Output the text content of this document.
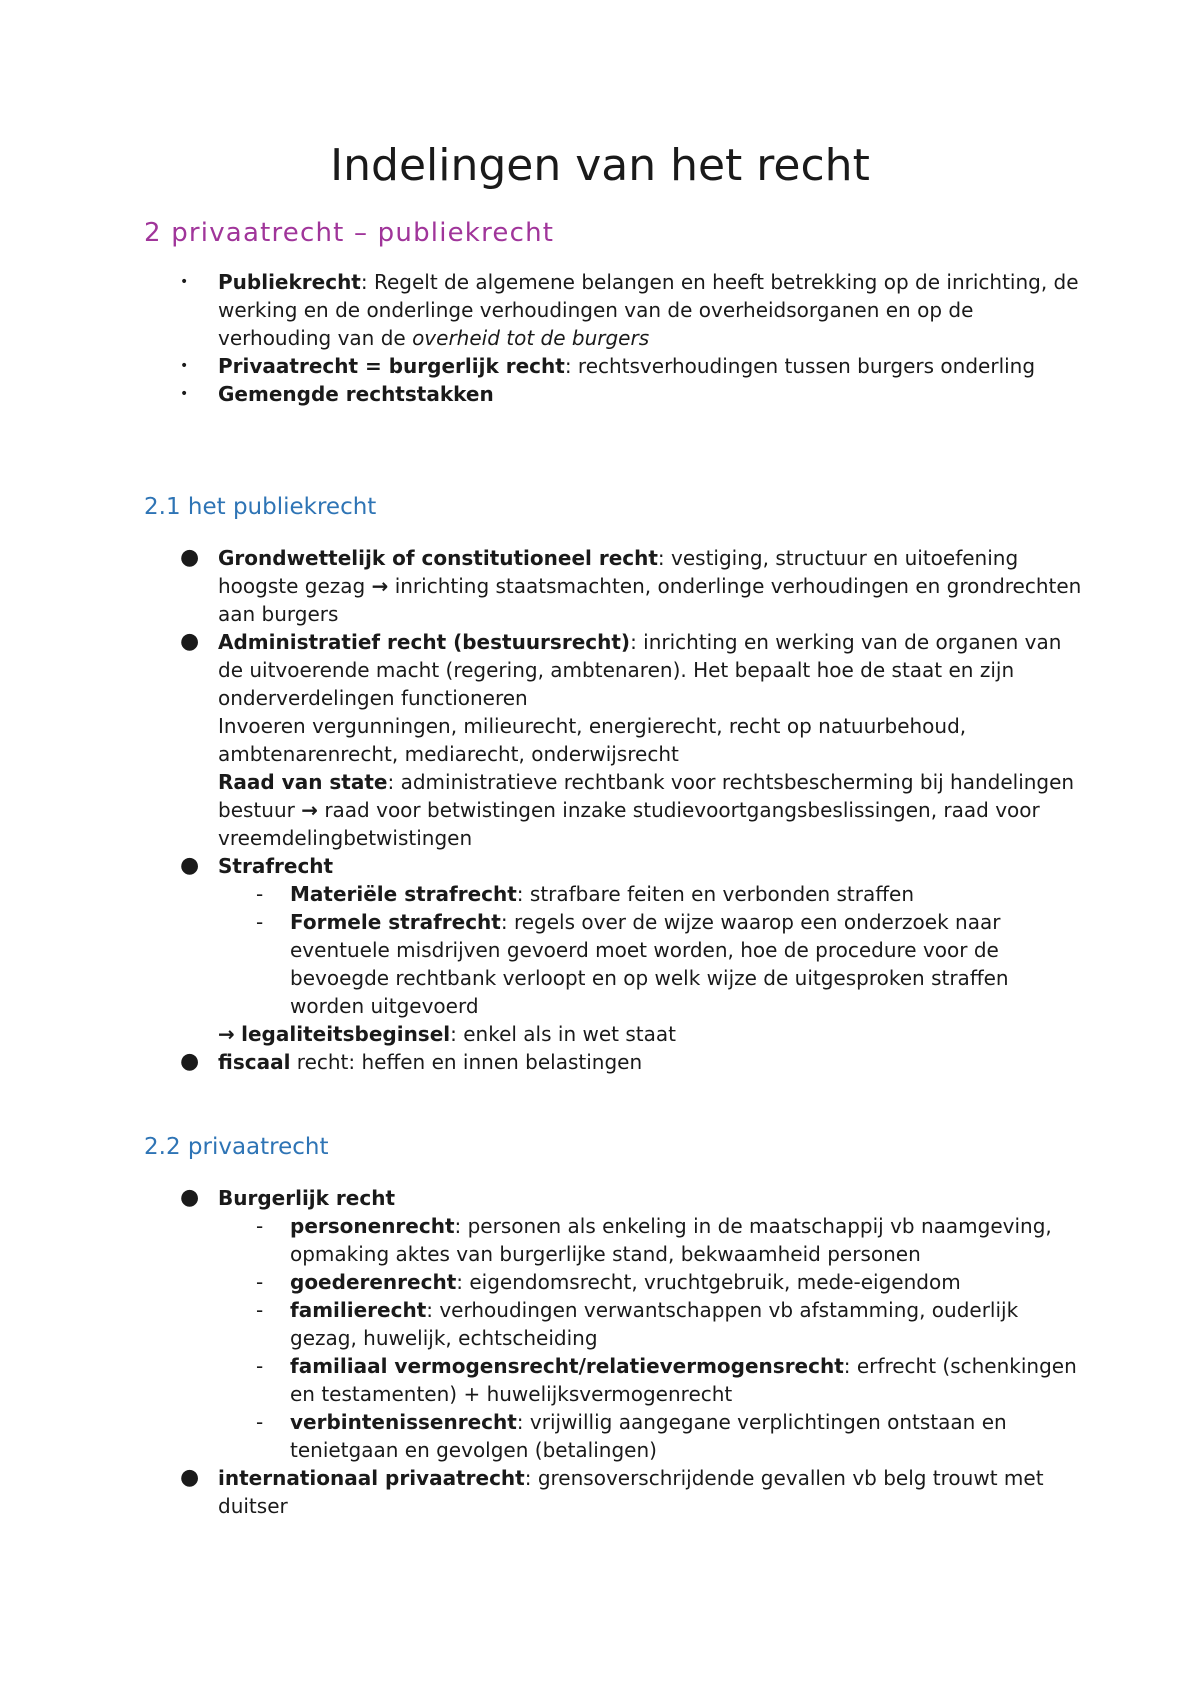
Indelingen van het recht
2 privaatrecht – publiekrecht
• Publiekrecht: Regelt de algemene belangen en heeft betrekking op de inrichting, de werking en de onderlinge verhoudingen van de overheidsorganen en op de verhouding van de overheid tot de burgers
• Privaatrecht = burgerlijk recht: rechtsverhoudingen tussen burgers onderling
• Gemengde rechtstakken
2.1 het publiekrecht
● Grondwettelijk of constitutioneel recht: vestiging, structuur en uitoefening hoogste gezag → inrichting staatsmachten, onderlinge verhoudingen en grondrechten aan burgers
● Administratief recht (bestuursrecht): inrichting en werking van de organen van de uitvoerende macht (regering, ambtenaren). Het bepaalt hoe de staat en zijn onderverdelingen functioneren
Invoeren vergunningen, milieurecht, energierecht, recht op natuurbehoud, ambtenarenrecht, mediarecht, onderwijsrecht
Raad van state: administratieve rechtbank voor rechtsbescherming bij handelingen bestuur → raad voor betwistingen inzake studievoortgangsbeslissingen, raad voor vreemdelingbetwistingen
● Strafrecht
- Materiële strafrecht: strafbare feiten en verbonden straffen
- Formele strafrecht: regels over de wijze waarop een onderzoek naar eventuele misdrijven gevoerd moet worden, hoe de procedure voor de bevoegde rechtbank verloopt en op welk wijze de uitgesproken straffen worden uitgevoerd
→ legaliteitsbeginsel: enkel als in wet staat
● fiscaal recht: heffen en innen belastingen
2.2 privaatrecht
● Burgerlijk recht
- personenrecht: personen als enkeling in de maatschappij vb naamgeving, opmaking aktes van burgerlijke stand, bekwaamheid personen
- goederenrecht: eigendomsrecht, vruchtgebruik, mede-eigendom
- familierecht: verhoudingen verwantschappen vb afstamming, ouderlijk gezag, huwelijk, echtscheiding
- familiaal vermogensrecht/relatievermogensrecht: erfrecht (schenkingen en testamenten) + huwelijksvermogenrecht
- verbintenissenrecht: vrijwillig aangegane verplichtingen ontstaan en tenietgaan en gevolgen (betalingen)
● internationaal privaatrecht: grensoverschrijdende gevallen vb belg trouwt met duitser
